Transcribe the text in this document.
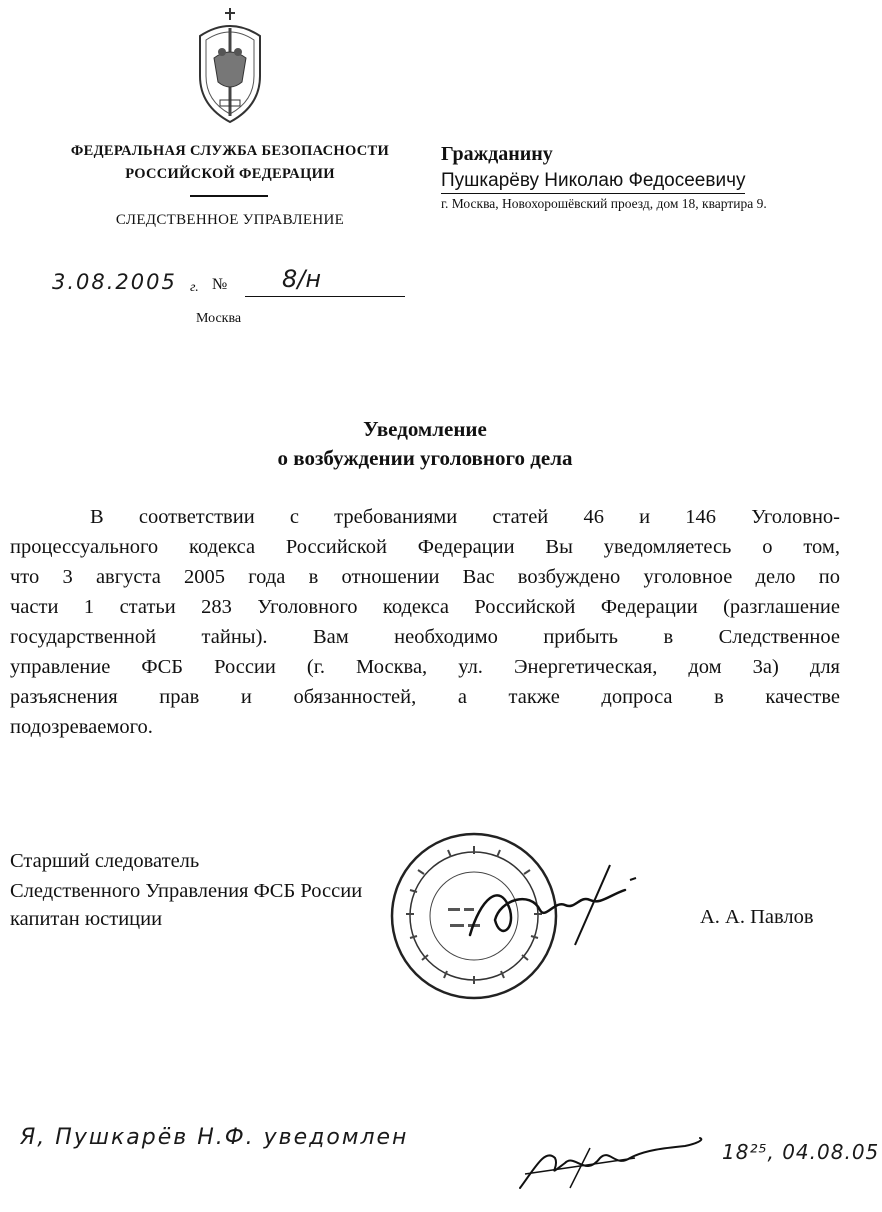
ФЕДЕРАЛЬНАЯ СЛУЖБА БЕЗОПАСНОСТИ
РОССИЙСКОЙ ФЕДЕРАЦИИ
СЛЕДСТВЕННОЕ УПРАВЛЕНИЕ
3.08.2005 г. № 8/н
Москва
Гражданину
Пушкарёву Николаю Федосеевичу
г. Москва, Новохорошёвский проезд, дом 18, квартира 9.
Уведомление
о возбуждении уголовного дела
В соответствии с требованиями статей 46 и 146 Уголовно-
процессуального кодекса Российской Федерации Вы уведомляетесь о том,
что 3 августа 2005 года в отношении Вас возбуждено уголовное дело по
части 1 статьи 283 Уголовного кодекса Российской Федерации (разглашение
государственной тайны). Вам необходимо прибыть в Следственное
управление ФСБ России (г. Москва, ул. Энергетическая, дом 3а) для
разъяснения прав и обязанностей, а также допроса в качестве
подозреваемого.
Старший следователь
Следственного Управления ФСБ России
капитан юстиции	А. А. Павлов
Я, Пушкарёв Н.Ф. уведомлен
18²⁵, 04.08.05
